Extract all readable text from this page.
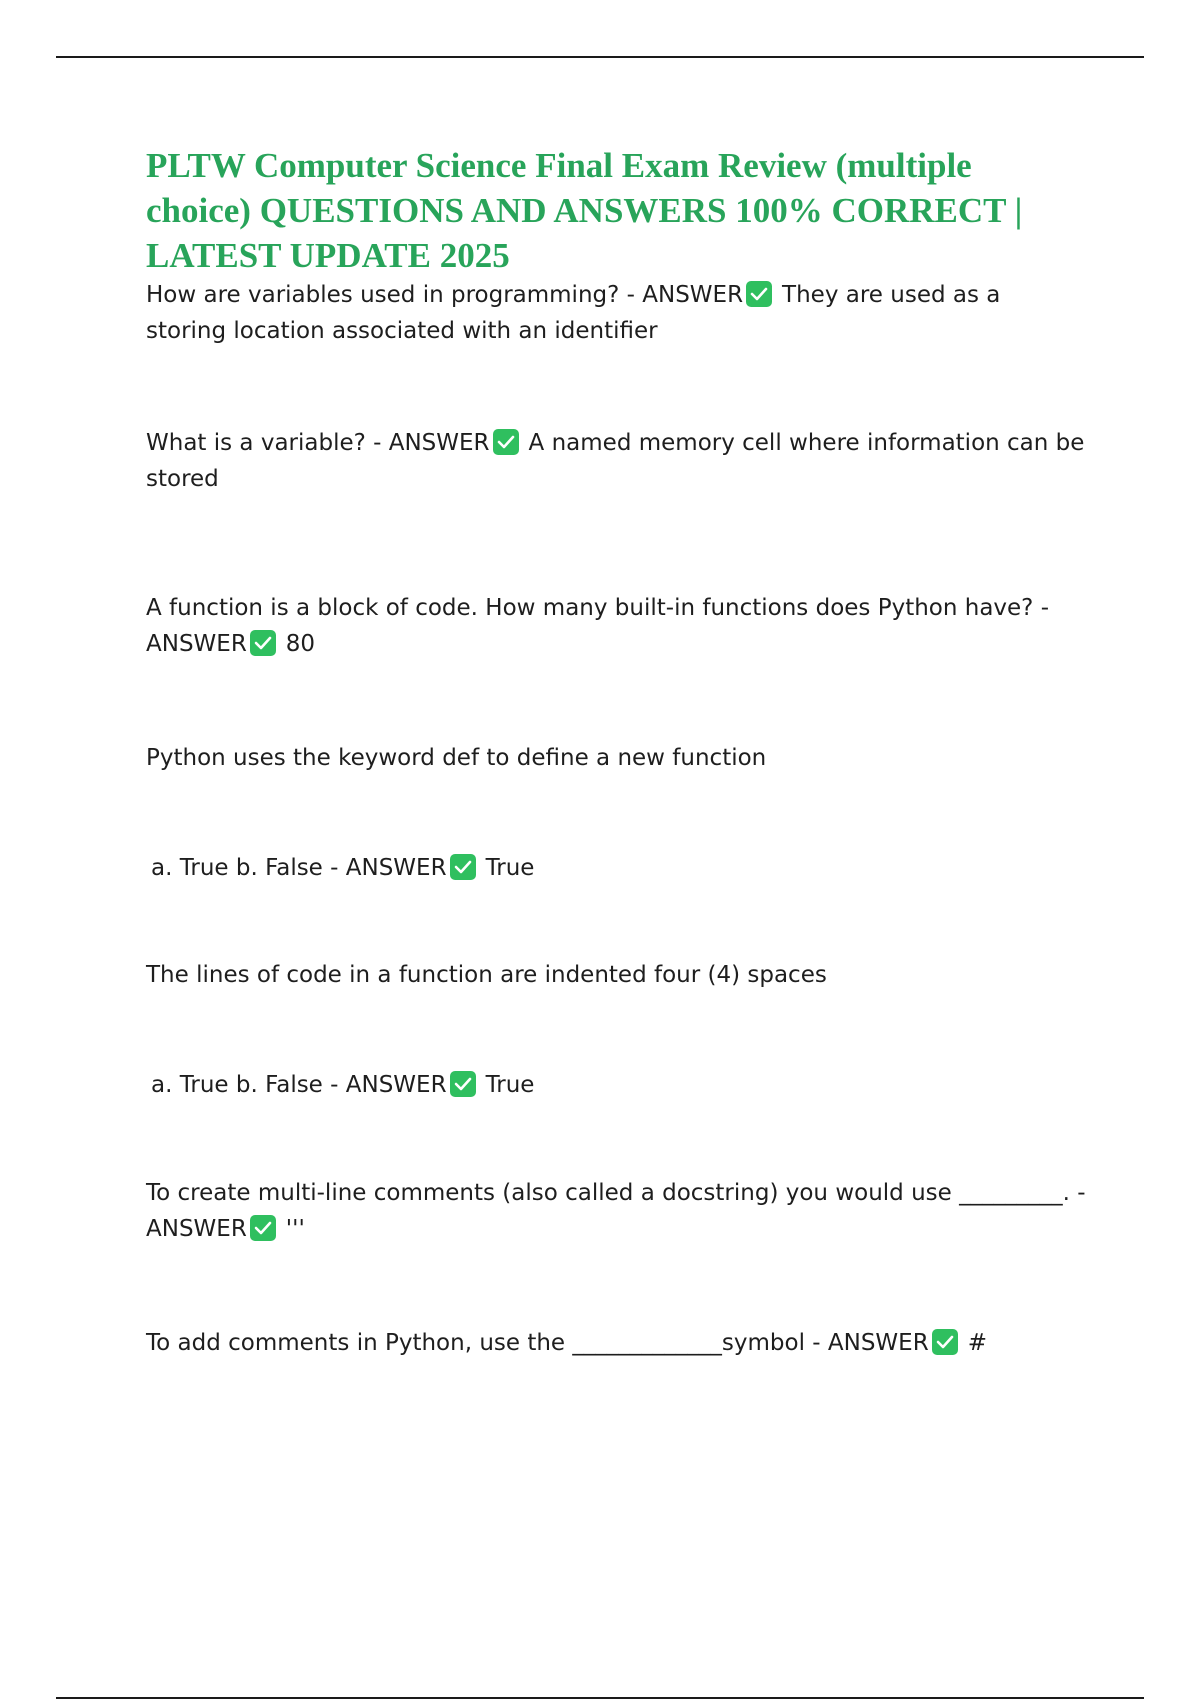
PLTW Computer Science Final Exam Review (multiple choice) QUESTIONS AND ANSWERS 100% CORRECT | LATEST UPDATE 2025

How are variables used in programming? - ANSWER They are used as a storing location associated with an identifier

What is a variable? - ANSWER A named memory cell where information can be stored

A function is a block of code. How many built-in functions does Python have? - ANSWER 80

Python uses the keyword def to define a new function

a. True b. False - ANSWER True

The lines of code in a function are indented four (4) spaces

a. True b. False - ANSWER True

To create multi-line comments (also called a docstring) you would use _________. - ANSWER '''

To add comments in Python, use the _____________symbol - ANSWER #
